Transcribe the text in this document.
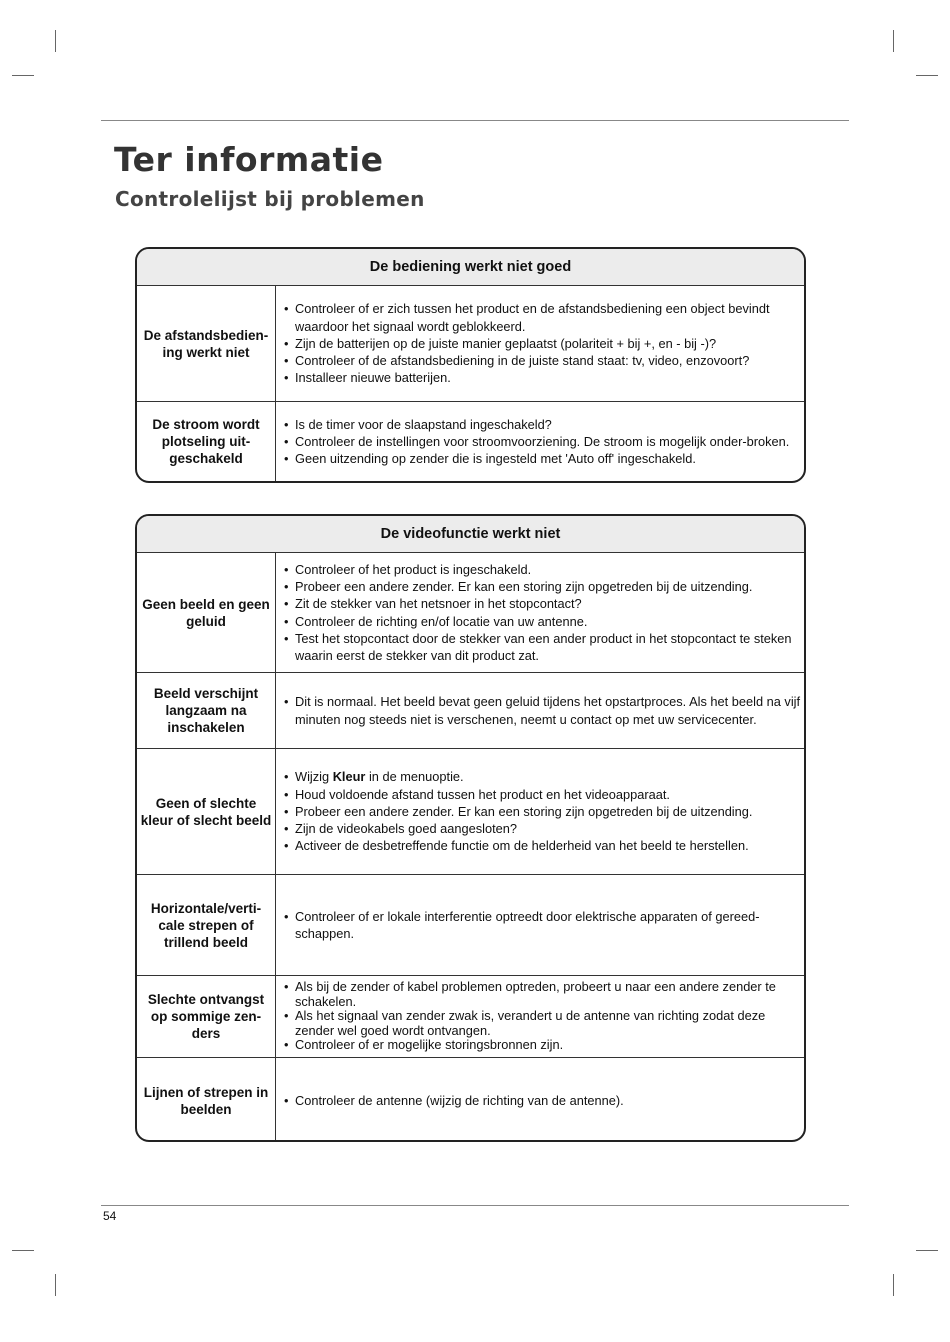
Ter informatie
Controlelijst bij problemen
De bediening werkt niet goed
De afstandsbedien-ing werkt niet

• Controleer of er zich tussen het product en de afstandsbediening een object bevindt waardoor het signaal wordt geblokkeerd.

• Zijn de batterijen op de juiste manier geplaatst (polariteit + bij +, en - bij -)?

• Controleer of de afstandsbediening in de juiste stand staat: tv, video, enzovoort?

• Installeer nieuwe batterijen.

De stroom wordt plotseling uit-geschakeld

• Is de timer voor de slaapstand ingeschakeld?

• Controleer de instellingen voor stroomvoorziening. De stroom is mogelijk onder-broken.

• Geen uitzending op zender die is ingesteld met 'Auto off' ingeschakeld.

De videofunctie werkt niet
Geen beeld en geen geluid

• Controleer of het product is ingeschakeld.

• Probeer een andere zender. Er kan een storing zijn opgetreden bij de uitzending.

• Zit de stekker van het netsnoer in het stopcontact?

• Controleer de richting en/of locatie van uw antenne.

• Test het stopcontact door de stekker van een ander product in het stopcontact te steken waarin eerst de stekker van dit product zat.

Beeld verschijnt langzaam na inschakelen

• Dit is normaal. Het beeld bevat geen geluid tijdens het opstartproces. Als het beeld na vijf minuten nog steeds niet is verschenen, neemt u contact op met uw servicecenter.

Geen of slechte kleur of slecht beeld

• Wijzig Kleur in de menuoptie.

• Houd voldoende afstand tussen het product en het videoapparaat.

• Probeer een andere zender. Er kan een storing zijn opgetreden bij de uitzending.

• Zijn de videokabels goed aangesloten?

• Activeer de desbetreffende functie om de helderheid van het beeld te herstellen.

Horizontale/verti-cale strepen of trillend beeld

• Controleer of er lokale interferentie optreedt door elektrische apparaten of gereed-schappen.

Slechte ontvangst op sommige zen-ders

• Als bij de zender of kabel problemen optreden, probeert u naar een andere zender te schakelen.

• Als het signaal van zender zwak is, verandert u de antenne van richting zodat deze zender wel goed wordt ontvangen.

• Controleer of er mogelijke storingsbronnen zijn.

Lijnen of strepen in beelden

• Controleer de antenne (wijzig de richting van de antenne).

54
